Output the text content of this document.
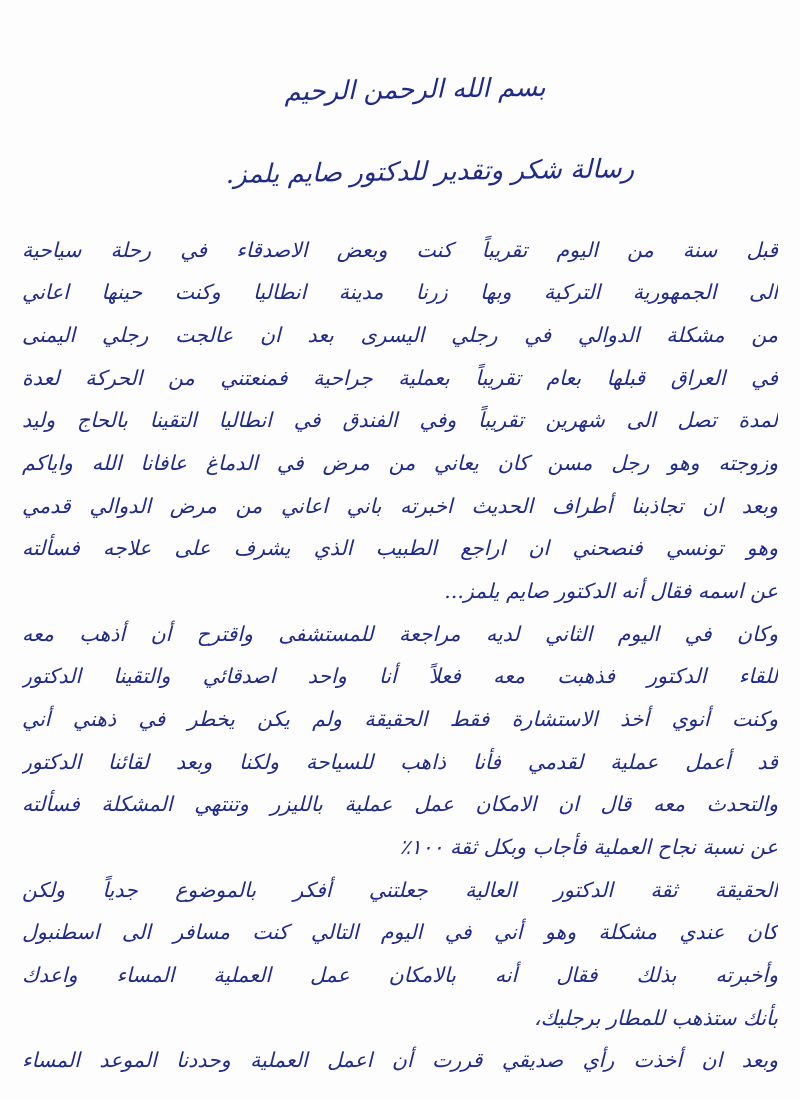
بسم الله الرحمن الرحيم
رسالة شكر وتقدير للدكتور صايم يلمز.
قبل سنة من اليوم تقريباً كنت وبعض الاصدقاء في رحلة سياحية
الى الجمهورية التركية وبها زرنا مدينة انطاليا وكنت حينها اعاني
من مشكلة الدوالي في رجلي اليسرى بعد ان عالجت رجلي اليمنى
في العراق قبلها بعام تقريباً بعملية جراحية فمنعتني من الحركة لعدة
لمدة تصل الى شهرين تقريباً وفي الفندق في انطاليا التقينا بالحاج وليد
وزوجته وهو رجل مسن كان يعاني من مرض في الدماغ عافانا الله واياكم
وبعد ان تجاذبنا أطراف الحديث اخبرته باني اعاني من مرض الدوالي قدمي
وهو تونسي فنصحني ان اراجع الطبيب الذي يشرف على علاجه فسألته
عن اسمه فقال أنه الدكتور صايم يلمز...
وكان في اليوم الثاني لديه مراجعة للمستشفى واقترح أن أذهب معه
للقاء الدكتور فذهبت معه فعلاً أنا واحد اصدقائي والتقينا الدكتور
وكنت أنوي أخذ الاستشارة فقط الحقيقة ولم يكن يخطر في ذهني أني
قد أعمل عملية لقدمي فأنا ذاهب للسياحة ولكنا وبعد لقائنا الدكتور
والتحدث معه قال ان الامكان عمل عملية بالليزر وتنتهي المشكلة فسألته
عن نسبة نجاح العملية فأجاب وبكل ثقة ١٠٠٪
الحقيقة ثقة الدكتور العالية جعلتني أفكر بالموضوع جدياً ولكن
كان عندي مشكلة وهو أني في اليوم التالي كنت مسافر الى اسطنبول
وأخبرته بذلك فقال أنه بالامكان عمل العملية المساء واعدك
بأنك ستذهب للمطار برجليك،
وبعد ان أخذت رأي صديقي قررت أن اعمل العملية وحددنا الموعد المساء
